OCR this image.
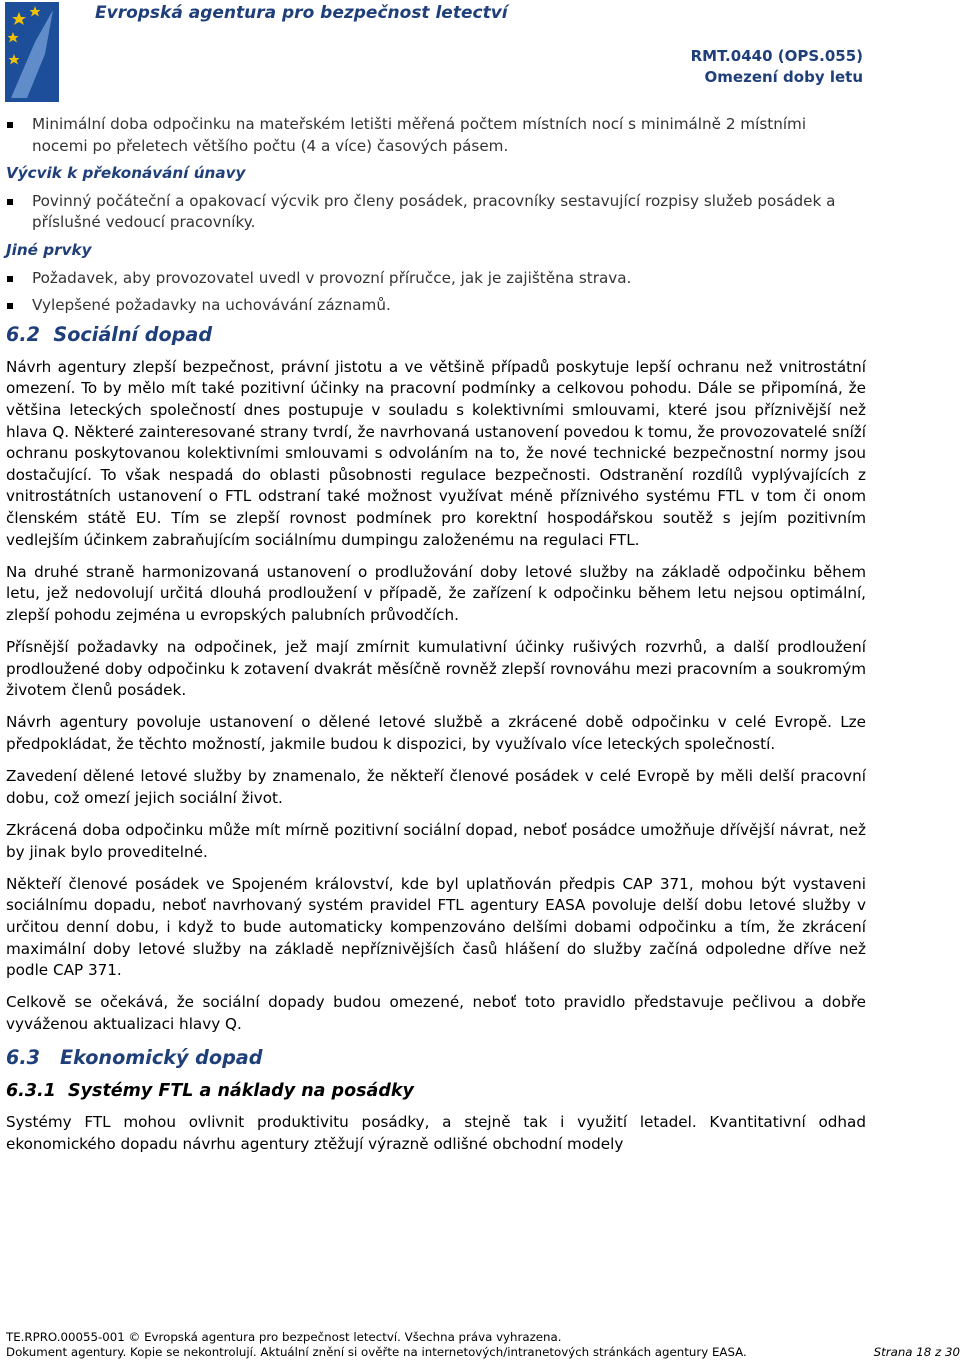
Evropská agentura pro bezpečnost letectví
RMT.0440 (OPS.055)
Omezení doby letu
Minimální doba odpočinku na mateřském letišti měřená počtem místních nocí s minimálně 2 místními nocemi po přeletech většího počtu (4 a více) časových pásem.
Výcvik k překonávání únavy
Povinný počáteční a opakovací výcvik pro členy posádek, pracovníky sestavující rozpisy služeb posádek a příslušné vedoucí pracovníky.
Jiné prvky
Požadavek, aby provozovatel uvedl v provozní příručce, jak je zajištěna strava.
Vylepšené požadavky na uchovávání záznamů.
6.2 Sociální dopad

Návrh agentury zlepší bezpečnost, právní jistotu a ve většině případů poskytuje lepší ochranu než vnitrostátní omezení. To by mělo mít také pozitivní účinky na pracovní podmínky a celkovou pohodu. Dále se připomíná, že většina leteckých společností dnes postupuje v souladu s kolektivními smlouvami, které jsou příznivější než hlava Q. Některé zainteresované strany tvrdí, že navrhovaná ustanovení povedou k tomu, že provozovatelé sníží ochranu poskytovanou kolektivními smlouvami s odvoláním na to, že nové technické bezpečnostní normy jsou dostačující. To však nespadá do oblasti působnosti regulace bezpečnosti. Odstranění rozdílů vyplývajících z vnitrostátních ustanovení o FTL odstraní také možnost využívat méně příznivého systému FTL v tom či onom členském státě EU. Tím se zlepší rovnost podmínek pro korektní hospodářskou soutěž s jejím pozitivním vedlejším účinkem zabraňujícím sociálnímu dumpingu založenému na regulaci FTL.

Na druhé straně harmonizovaná ustanovení o prodlužování doby letové služby na základě odpočinku během letu, jež nedovolují určitá dlouhá prodloužení v případě, že zařízení k odpočinku během letu nejsou optimální, zlepší pohodu zejména u evropských palubních průvodčích.

Přísnější požadavky na odpočinek, jež mají zmírnit kumulativní účinky rušivých rozvrhů, a další prodloužení prodloužené doby odpočinku k zotavení dvakrát měsíčně rovněž zlepší rovnováhu mezi pracovním a soukromým životem členů posádek.

Návrh agentury povoluje ustanovení o dělené letové službě a zkrácené době odpočinku v celé Evropě. Lze předpokládat, že těchto možností, jakmile budou k dispozici, by využívalo více leteckých společností.

Zavedení dělené letové služby by znamenalo, že někteří členové posádek v celé Evropě by měli delší pracovní dobu, což omezí jejich sociální život.

Zkrácená doba odpočinku může mít mírně pozitivní sociální dopad, neboť posádce umožňuje dřívější návrat, než by jinak bylo proveditelné.

Někteří členové posádek ve Spojeném království, kde byl uplatňován předpis CAP 371, mohou být vystaveni sociálnímu dopadu, neboť navrhovaný systém pravidel FTL agentury EASA povoluje delší dobu letové služby v určitou denní dobu, i když to bude automaticky kompenzováno delšími dobami odpočinku a tím, že zkrácení maximální doby letové služby na základě nepříznivějších časů hlášení do služby začíná odpoledne dříve než podle CAP 371.

Celkově se očekává, že sociální dopady budou omezené, neboť toto pravidlo představuje pečlivou a dobře vyváženou aktualizaci hlavy Q.

6.3 Ekonomický dopad
6.3.1 Systémy FTL a náklady na posádky

Systémy FTL mohou ovlivnit produktivitu posádky, a stejně tak i využití letadel. Kvantitativní odhad ekonomického dopadu návrhu agentury ztěžují výrazně odlišné obchodní modely

TE.RPRO.00055-001 © Evropská agentura pro bezpečnost letectví. Všechna práva vyhrazena.
Dokument agentury. Kopie se nekontrolují. Aktuální znění si ověřte na internetových/intranetových stránkách agentury EASA.	Strana 18 z 30
